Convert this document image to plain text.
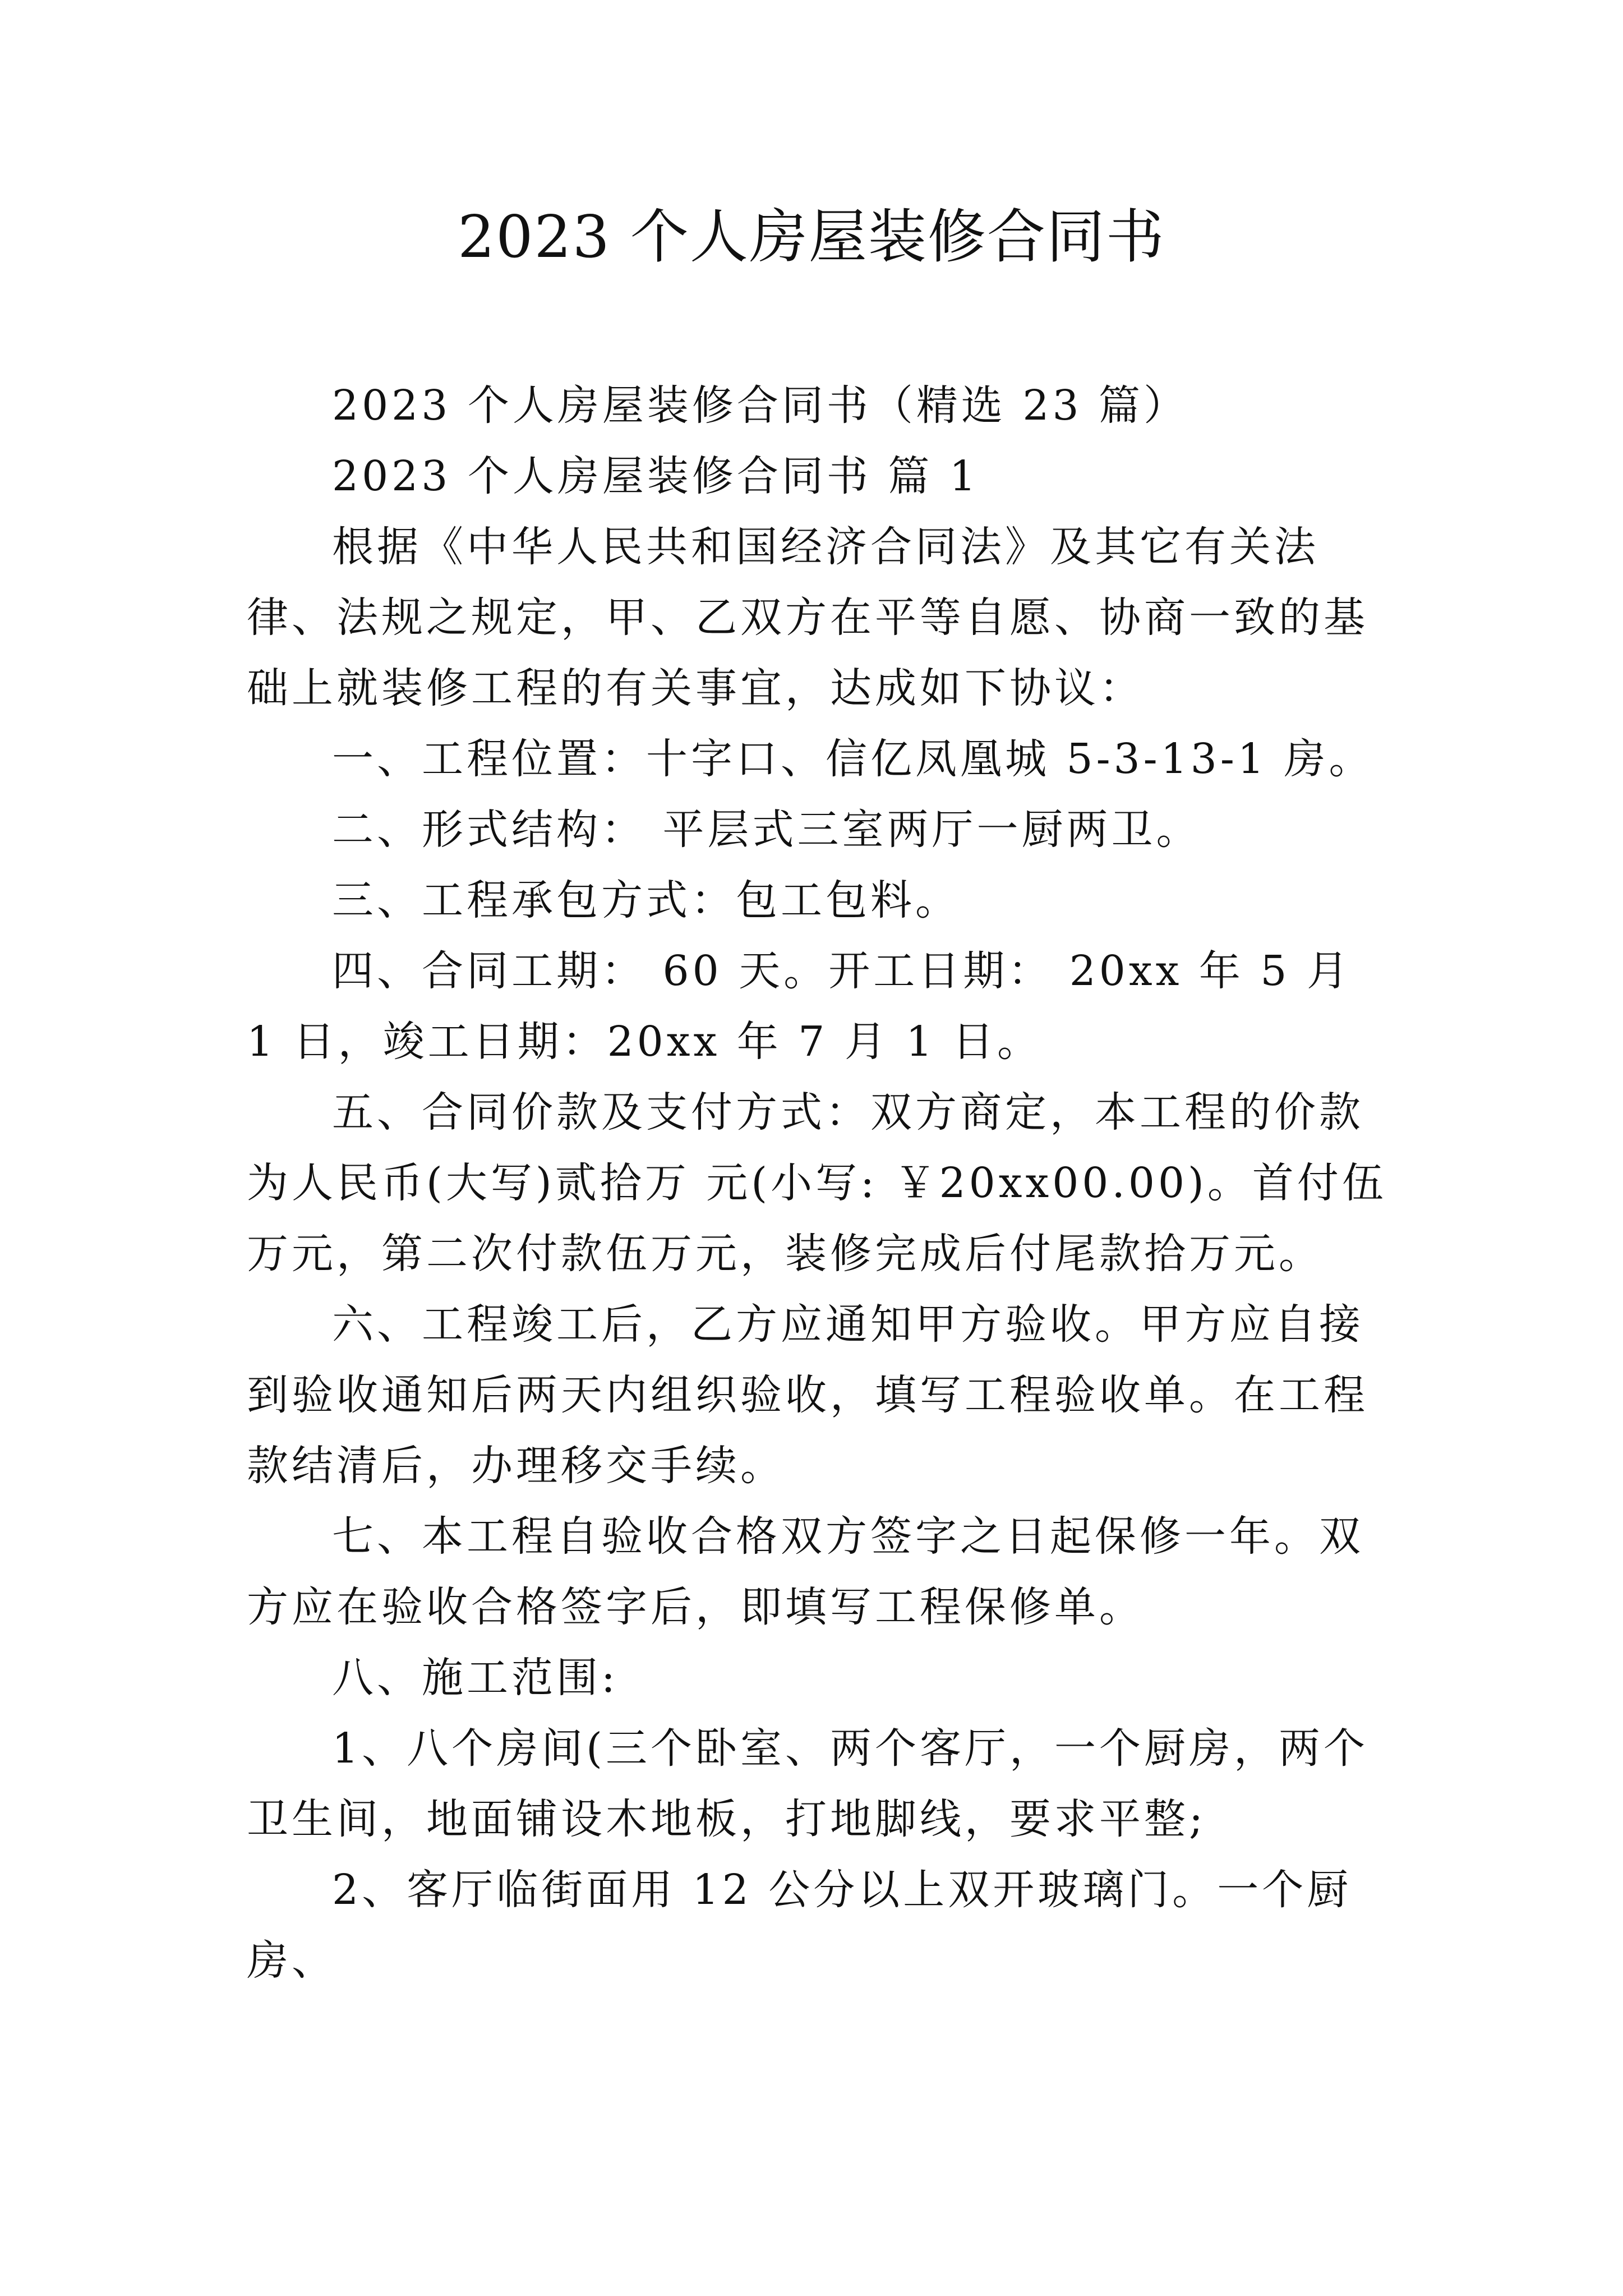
2023 个人房屋装修合同书

2023 个人房屋装修合同书（精选 23 篇）

2023 个人房屋装修合同书 篇 1

根据《中华人民共和国经济合同法》及其它有关法律、法规之规定，甲、乙双方在平等自愿、协商一致的基础上就装修工程的有关事宜，达成如下协议：

一、工程位置：十字口、信亿凤凰城 5-3-13-1 房。

二、形式结构： 平层式三室两厅一厨两卫。

三、工程承包方式：包工包料。

四、合同工期： 60 天。开工日期： 20xx 年 5 月 1 日，竣工日期：20xx 年 7 月 1 日。

五、合同价款及支付方式：双方商定，本工程的价款为人民币(大写)贰拾万 元(小写: ￥20xx00.00)。首付伍万元，第二次付款伍万元，装修完成后付尾款拾万元。

六、工程竣工后，乙方应通知甲方验收。甲方应自接到验收通知后两天内组织验收，填写工程验收单。在工程款结清后，办理移交手续。

七、本工程自验收合格双方签字之日起保修一年。双方应在验收合格签字后，即填写工程保修单。

八、施工范围:

1、八个房间(三个卧室、两个客厅，一个厨房，两个卫生间，地面铺设木地板，打地脚线，要求平整;

2、客厅临街面用 12 公分以上双开玻璃门。一个厨房、
